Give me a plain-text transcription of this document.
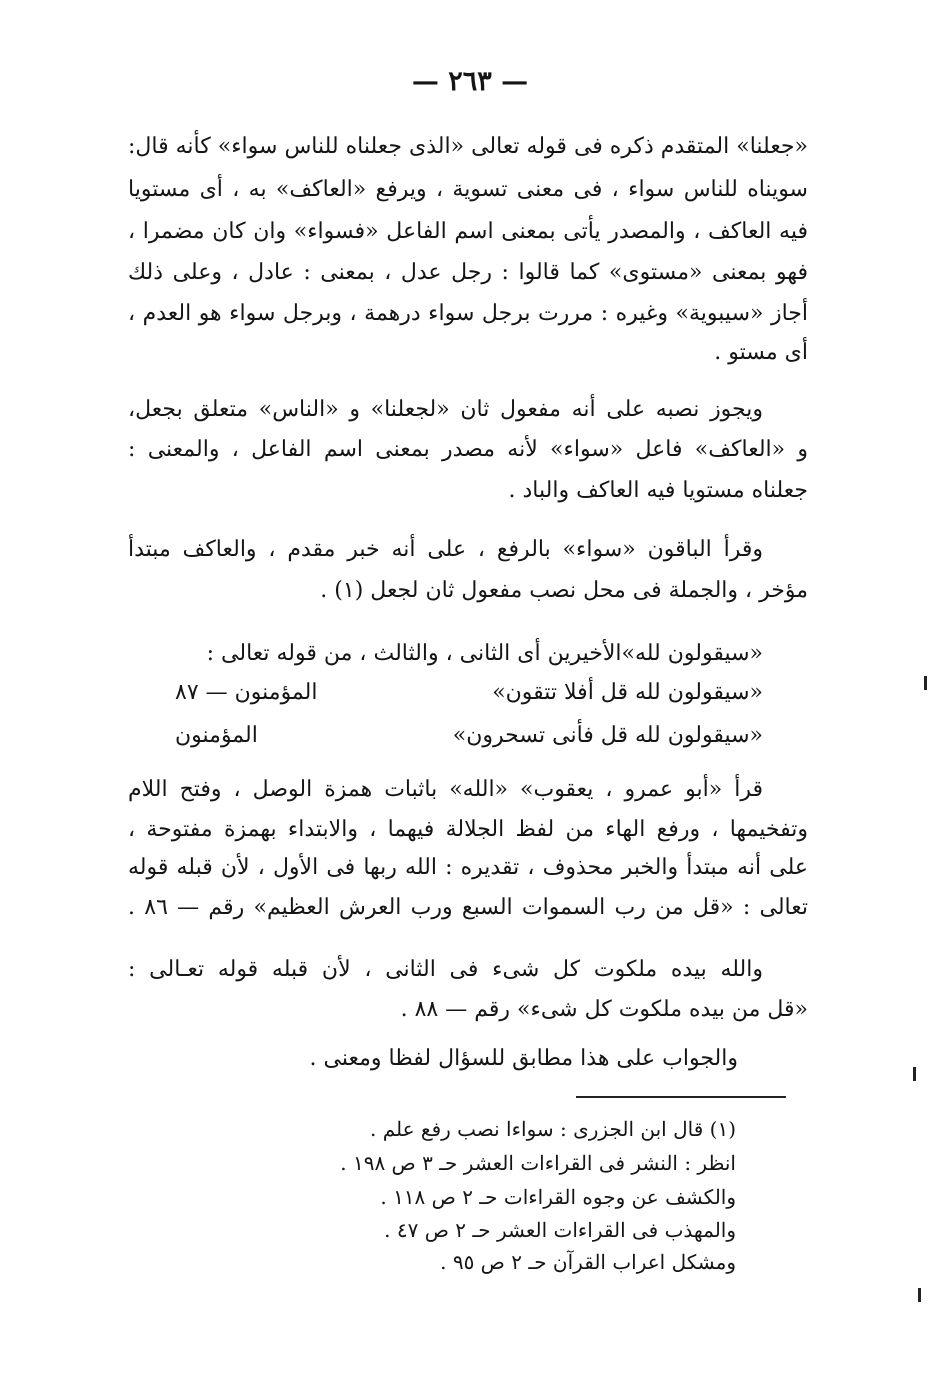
— ٢٦٣ —
«جعلنا» المتقدم ذكره فى قوله تعالى «الذى جعلناه للناس سواء» كأنه قال:
سويناه للناس سواء ، فى معنى تسوية ، ويرفع «العاكف» به ، أى مستويا
فيه العاكف ، والمصدر يأتى بمعنى اسم الفاعل «فسواء» وان كان مضمرا ،
فهو بمعنى «مستوى» كما قالوا : رجل عدل ، بمعنى : عادل ، وعلى ذلك
أجاز «سيبوية» وغيره : مررت برجل سواء درهمة ، وبرجل سواء هو العدم ،
أى مستو .
ويجوز نصبه على أنه مفعول ثان «لجعلنا» و «الناس» متعلق بجعل،
و «العاكف» فاعل «سواء» لأنه مصدر بمعنى اسم الفاعل ، والمعنى :
جعلناه مستويا فيه العاكف والباد .
وقرأ الباقون «سواء» بالرفع ، على أنه خبر مقدم ، والعاكف مبتدأ
مؤخر ، والجملة فى محل نصب مفعول ثان لجعل (١) .
«سيقولون لله»الأخيرين أى الثانى ، والثالث ، من قوله تعالى :
«سيقولون لله قل أفلا تتقون»
المؤمنون — ٨٧
«سيقولون لله قل فأنى تسحرون»
المؤمنون
قرأ «أبو عمرو ، يعقوب» «الله» باثبات همزة الوصل ، وفتح اللام
وتفخيمها ، ورفع الهاء من لفظ الجلالة فيهما ، والابتداء بهمزة مفتوحة ،
على أنه مبتدأ والخبر محذوف ، تقديره : الله ربها فى الأول ، لأن قبله قوله
تعالى : «قل من رب السموات السبع ورب العرش العظيم» رقم — ٨٦ .
والله بيده ملكوت كل شىء فى الثانى ، لأن قبله قوله تعـالى :
«قل من بيده ملكوت كل شىء» رقم — ٨٨ .
والجواب على هذا مطابق للسؤال لفظا ومعنى .
(١) قال ابن الجزرى : سواءا نصب رفع علم .
انظر : النشر فى القراءات العشر حـ ٣ ص ١٩٨ .
والكشف عن وجوه القراءات حـ ٢ ص ١١٨ .
والمهذب فى القراءات العشر حـ ٢ ص ٤٧ .
ومشكل اعراب القرآن حـ ٢ ص ٩٥ .
